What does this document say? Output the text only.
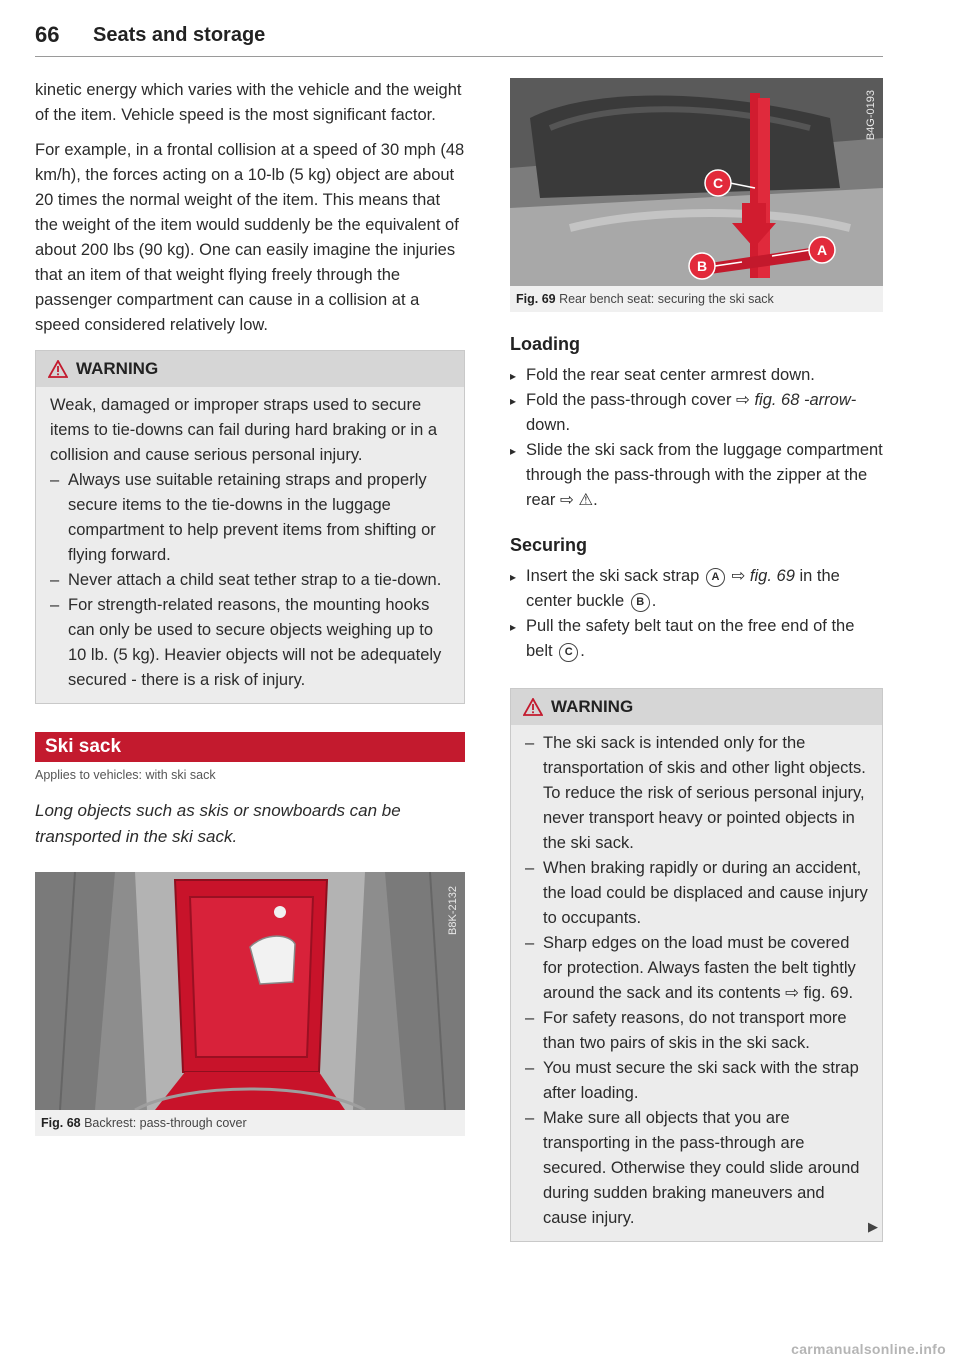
66 Seats and storage

kinetic energy which varies with the vehicle and the weight of the item. Vehicle speed is the most significant factor.

For example, in a frontal collision at a speed of 30 mph (48 km/h), the forces acting on a 10-lb (5 kg) object are about 20 times the normal weight of the item. This means that the weight of the item would suddenly be the equivalent of about 200 lbs (90 kg). One can easily imagine the injuries that an item of that weight flying freely through the passenger compartment can cause in a collision at a speed considered relatively low.

WARNING

Weak, damaged or improper straps used to secure items to tie-downs can fail during hard braking or in a collision and cause serious personal injury.

– Always use suitable retaining straps and properly secure items to the tie-downs in the luggage compartment to help prevent items from shifting or flying forward.
– Never attach a child seat tether strap to a tie-down.
– For strength-related reasons, the mounting hooks can only be used to secure objects weighing up to 10 lb. (5 kg). Heavier objects will not be adequately secured - there is a risk of injury.
Ski sack
Applies to vehicles: with ski sack
Long objects such as skis or snowboards can be transported in the ski sack.
B8K-2132
Fig. 68 Backrest: pass-through cover
C
A
B
B4G-0193
Fig. 69 Rear bench seat: securing the ski sack
Loading
▸ Fold the rear seat center armrest down.
▸ Fold the pass-through cover ⇨ fig. 68 -arrow- down.
▸ Slide the ski sack from the luggage compartment through the pass-through with the zipper at the rear ⇨ ⚠.
Securing
▸ Insert the ski sack strap A ⇨ fig. 69 in the center buckle B .
▸ Pull the safety belt taut on the free end of the belt C .
WARNING
– The ski sack is intended only for the transportation of skis and other light objects. To reduce the risk of serious personal injury, never transport heavy or pointed objects in the ski sack.
– When braking rapidly or during an accident, the load could be displaced and cause injury to occupants.
– Sharp edges on the load must be covered for protection. Always fasten the belt tightly around the sack and its contents ⇨ fig. 69.
– For safety reasons, do not transport more than two pairs of skis in the ski sack.
– You must secure the ski sack with the strap after loading.
– Make sure all objects that you are transporting in the pass-through are secured. Otherwise they could slide around during sudden braking maneuvers and cause injury.	▶
carmanualsonline.info
